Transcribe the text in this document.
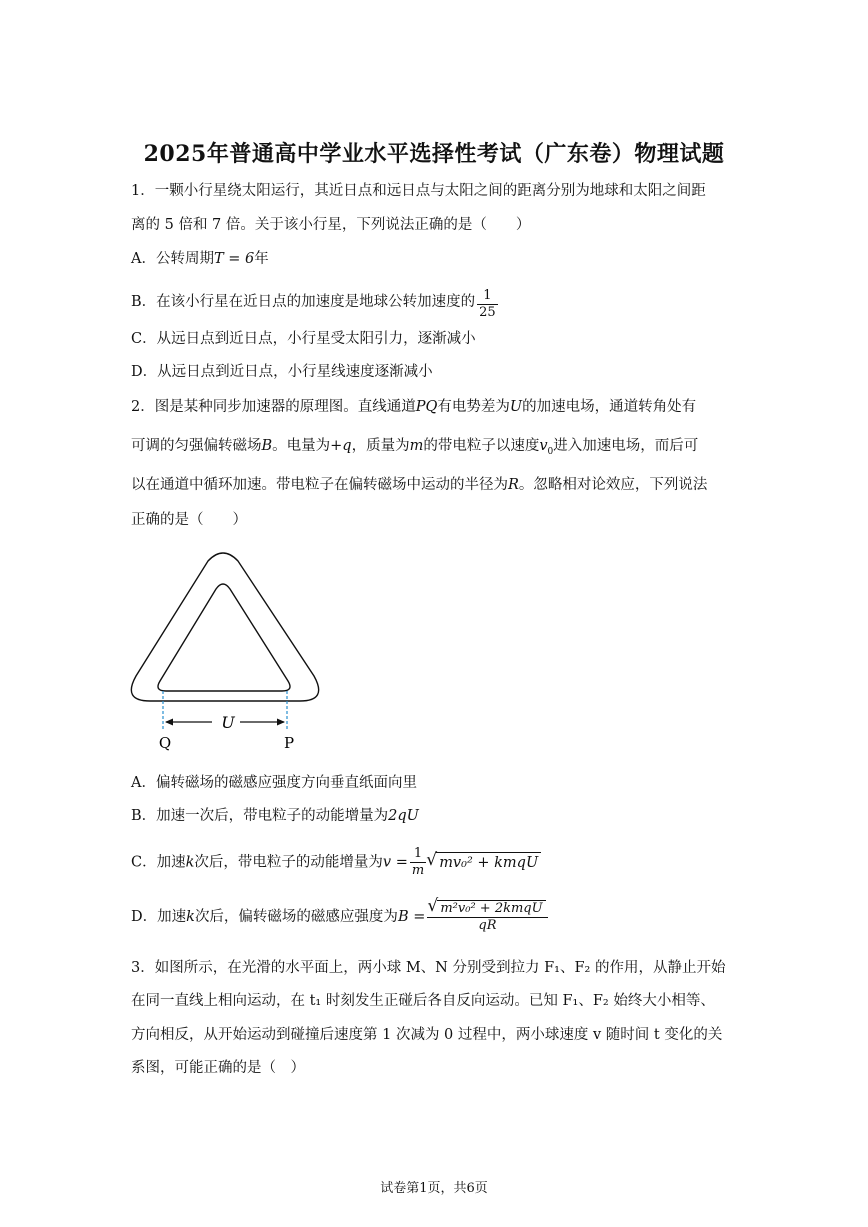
2025年普通高中学业水平选择性考试（广东卷）物理试题
1．一颗小行星绕太阳运行，其近日点和远日点与太阳之间的距离分别为地球和太阳之间距
离的 5 倍和 7 倍。关于该小行星，下列说法正确的是（　　）
A．公转周期T = 6年
B．在该小行星在近日点的加速度是地球公转加速度的 $\frac{1}{25}$
C．从远日点到近日点，小行星受太阳引力，逐渐减小
D．从远日点到近日点，小行星线速度逐渐减小
2．图是某种同步加速器的原理图。直线通道PQ有电势差为U的加速电场，通道转角处有
可调的匀强偏转磁场B。电量为+q，质量为m的带电粒子以速度$v_0$进入加速电场，而后可
以在通道中循环加速。带电粒子在偏转磁场中运动的半径为R。忽略相对论效应，下列说法
正确的是（　　）
U
Q	P
A．偏转磁场的磁感应强度方向垂直纸面向里
B．加速一次后，带电粒子的动能增量为2qU
C．加速k次后，带电粒子的动能增量为$v = \frac{1}{m}$ √ mv₀² + kmqU
D．加速k次后，偏转磁场的磁感应强度为B = √ $\frac{\text{m²v₀² + 2kmqU}}{qR}$
3．如图所示，在光滑的水平面上，两小球 M、N 分别受到拉力 F₁、F₂ 的作用，从静止开始
在同一直线上相向运动，在 t₁ 时刻发生正碰后各自反向运动。已知 F₁、F₂ 始终大小相等、
方向相反，从开始运动到碰撞后速度第 1 次减为 0 过程中，两小球速度 v 随时间 t 变化的关
系图，可能正确的是（　）
试卷第1页，共6页
